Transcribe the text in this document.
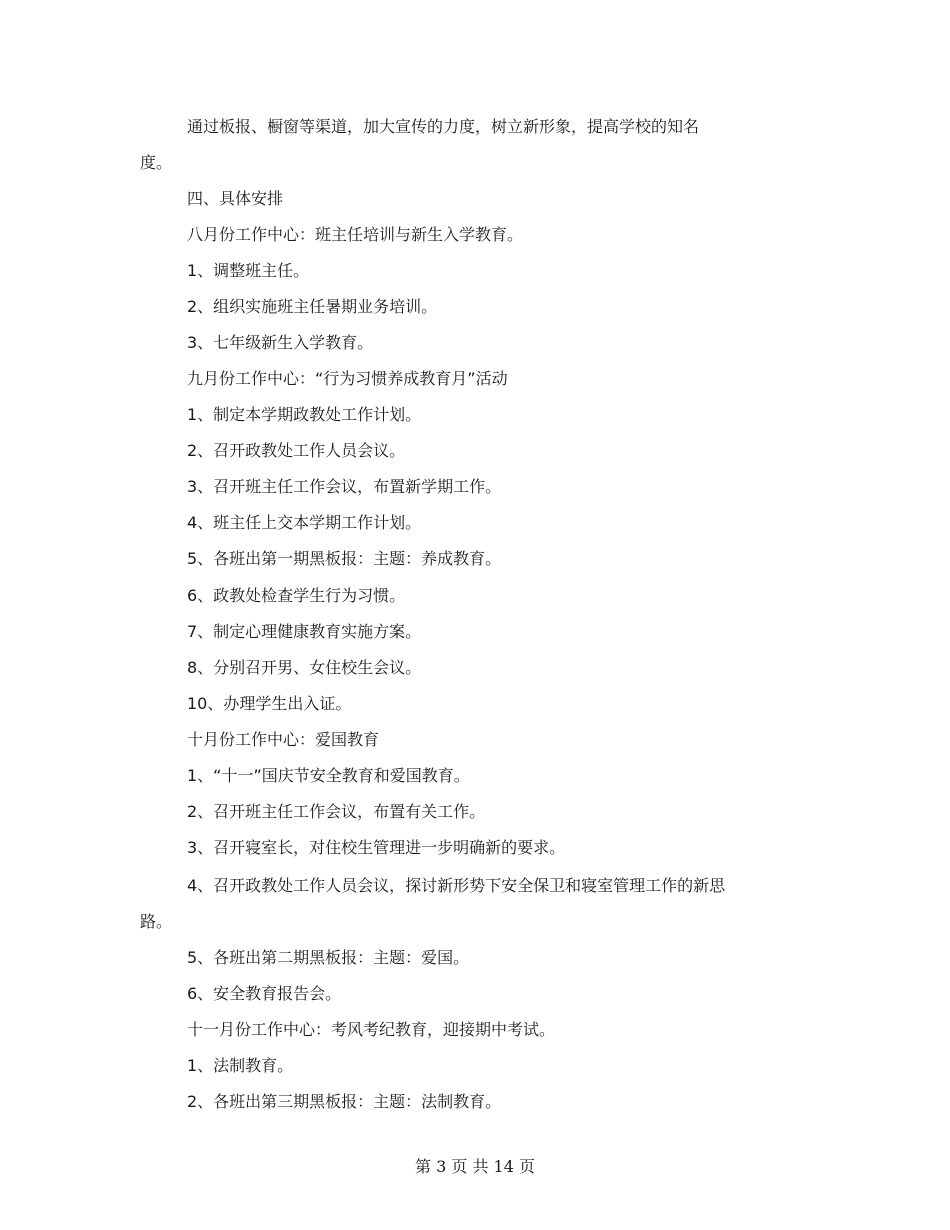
通过板报、橱窗等渠道，加大宣传的力度，树立新形象，提高学校的知名
度。
四、具体安排
八月份工作中心：班主任培训与新生入学教育。
1、调整班主任。
2、组织实施班主任暑期业务培训。
3、七年级新生入学教育。
九月份工作中心：“行为习惯养成教育月”活动
1、制定本学期政教处工作计划。
2、召开政教处工作人员会议。
3、召开班主任工作会议，布置新学期工作。
4、班主任上交本学期工作计划。
5、各班出第一期黑板报：主题：养成教育。
6、政教处检查学生行为习惯。
7、制定心理健康教育实施方案。
8、分别召开男、女住校生会议。
10、办理学生出入证。
十月份工作中心：爱国教育
1、“十一”国庆节安全教育和爱国教育。
2、召开班主任工作会议，布置有关工作。
3、召开寝室长，对住校生管理进一步明确新的要求。
4、召开政教处工作人员会议，探讨新形势下安全保卫和寝室管理工作的新思
路。
5、各班出第二期黑板报：主题：爱国。
6、安全教育报告会。
十一月份工作中心：考风考纪教育，迎接期中考试。
1、法制教育。
2、各班出第三期黑板报：主题：法制教育。
第 3 页 共 14 页
